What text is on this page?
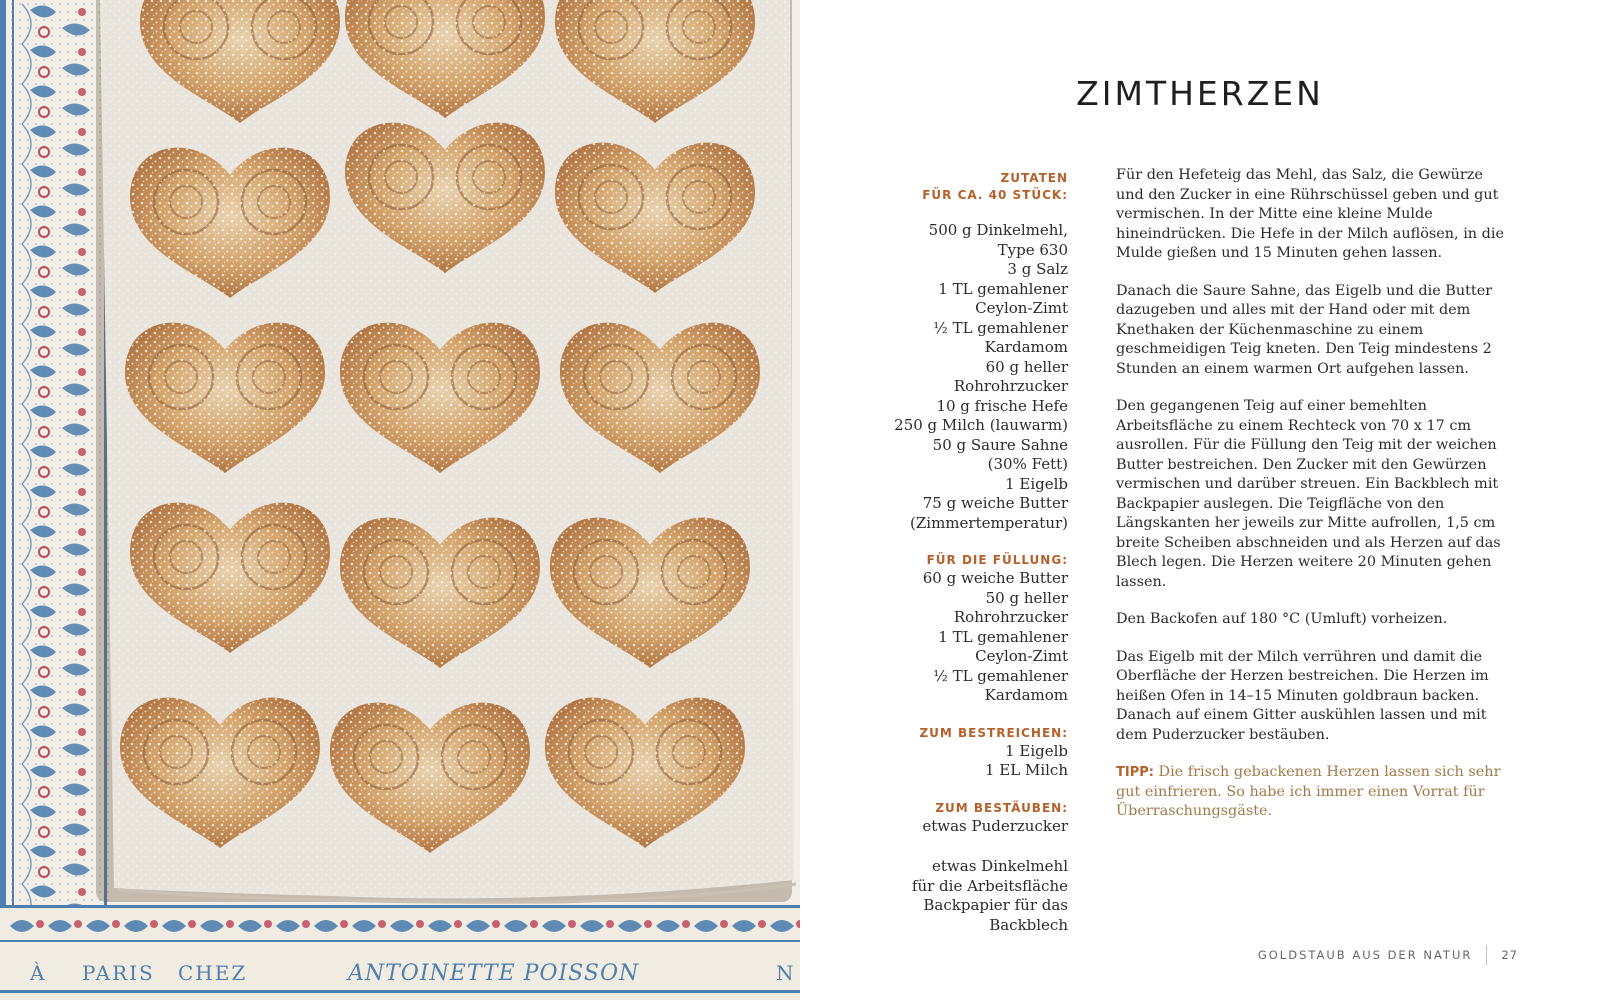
À PARIS CHEZ	ANTOINETTE POISSON	N
ZIMTHERZEN
ZUTATEN
FÜR CA. 40 STÜCK:
500 g Dinkelmehl,
Type 630
3 g Salz
1 TL gemahlener
Ceylon-Zimt
½ TL gemahlener
Kardamom
60 g heller
Rohrohrzucker
10 g frische Hefe
250 g Milch (lauwarm)
50 g Saure Sahne
(30% Fett)
1 Eigelb
75 g weiche Butter
(Zimmertemperatur)
FÜR DIE FÜLLUNG:
60 g weiche Butter
50 g heller
Rohrohrzucker
1 TL gemahlener
Ceylon-Zimt
½ TL gemahlener
Kardamom
ZUM BESTREICHEN:
1 Eigelb
1 EL Milch
ZUM BESTÄUBEN:
etwas Puderzucker
etwas Dinkelmehl
für die Arbeitsfläche
Backpapier für das
Backblech

Für den Hefeteig das Mehl, das Salz, die Gewürze und den Zucker in eine Rührschüssel geben und gut vermischen. In der Mitte eine kleine Mulde hineindrücken. Die Hefe in der Milch auflösen, in die Mulde gießen und 15 Minuten gehen lassen.

Danach die Saure Sahne, das Eigelb und die Butter dazugeben und alles mit der Hand oder mit dem Knethaken der Küchenmaschine zu einem geschmeidigen Teig kneten. Den Teig mindestens 2 Stunden an einem warmen Ort aufgehen lassen.

Den gegangenen Teig auf einer bemehlten Arbeitsfläche zu einem Rechteck von 70 x 17 cm ausrollen. Für die Füllung den Teig mit der weichen Butter bestreichen. Den Zucker mit den Gewürzen vermischen und darüber streuen. Ein Backblech mit Backpapier auslegen. Die Teigfläche von den Längskanten her jeweils zur Mitte aufrollen, 1,5 cm breite Scheiben abschneiden und als Herzen auf das Blech legen. Die Herzen weitere 20 Minuten gehen lassen.

Den Backofen auf 180 °C (Umluft) vorheizen.

Das Eigelb mit der Milch verrühren und damit die Oberfläche der Herzen bestreichen. Die Herzen im heißen Ofen in 14–15 Minuten goldbraun backen. Danach auf einem Gitter auskühlen lassen und mit dem Puderzucker bestäuben.

TIPP: Die frisch gebackenen Herzen lassen sich sehr gut einfrieren. So habe ich immer einen Vorrat für Überraschungsgäste.

GOLDSTAUB AUS DER NATUR	27
